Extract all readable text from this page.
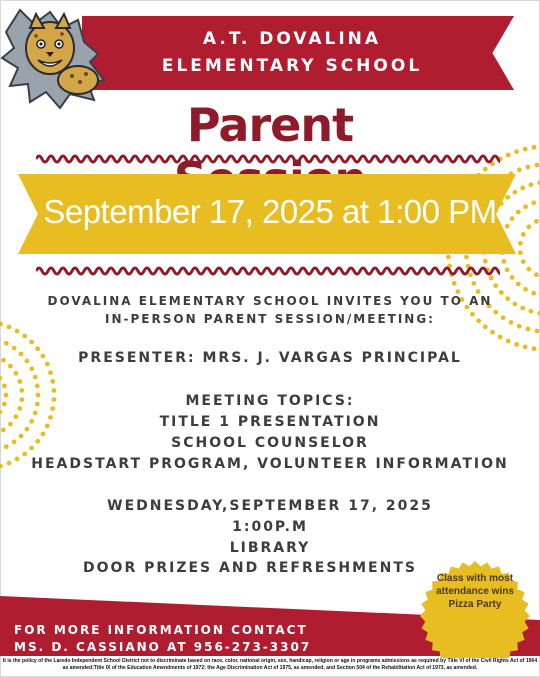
A.T. DOVALINA
ELEMENTARY SCHOOL
Parent
September 17, 2025 at 1:00 PM
DOVALINA ELEMENTARY SCHOOL INVITES YOU TO AN
IN-PERSON PARENT SESSION/MEETING:
PRESENTER: MRS. J. VARGAS PRINCIPAL
MEETING TOPICS:
TITLE 1 PRESENTATION
SCHOOL COUNSELOR
HEADSTART PROGRAM, VOLUNTEER INFORMATION
WEDNESDAY,SEPTEMBER 17, 2025
1:00P.M
LIBRARY
DOOR PRIZES AND REFRESHMENTS
FOR MORE INFORMATION CONTACT
MS. D. CASSIANO AT 956-273-3307
Class with most attendance wins Pizza Party
It is the policy of the Laredo Independent School District not to discriminate based on race, color, national origin, sex, handicap, religion or age in programs admissions as required by Title VI of the Civil Rights Act of 1964 as amended;Title IX of the Education Amendments of 1972; the Age Discrimination Act of 1975, as amended, and Section 504 of the Rehabilitation Act of 1973, as amended.
